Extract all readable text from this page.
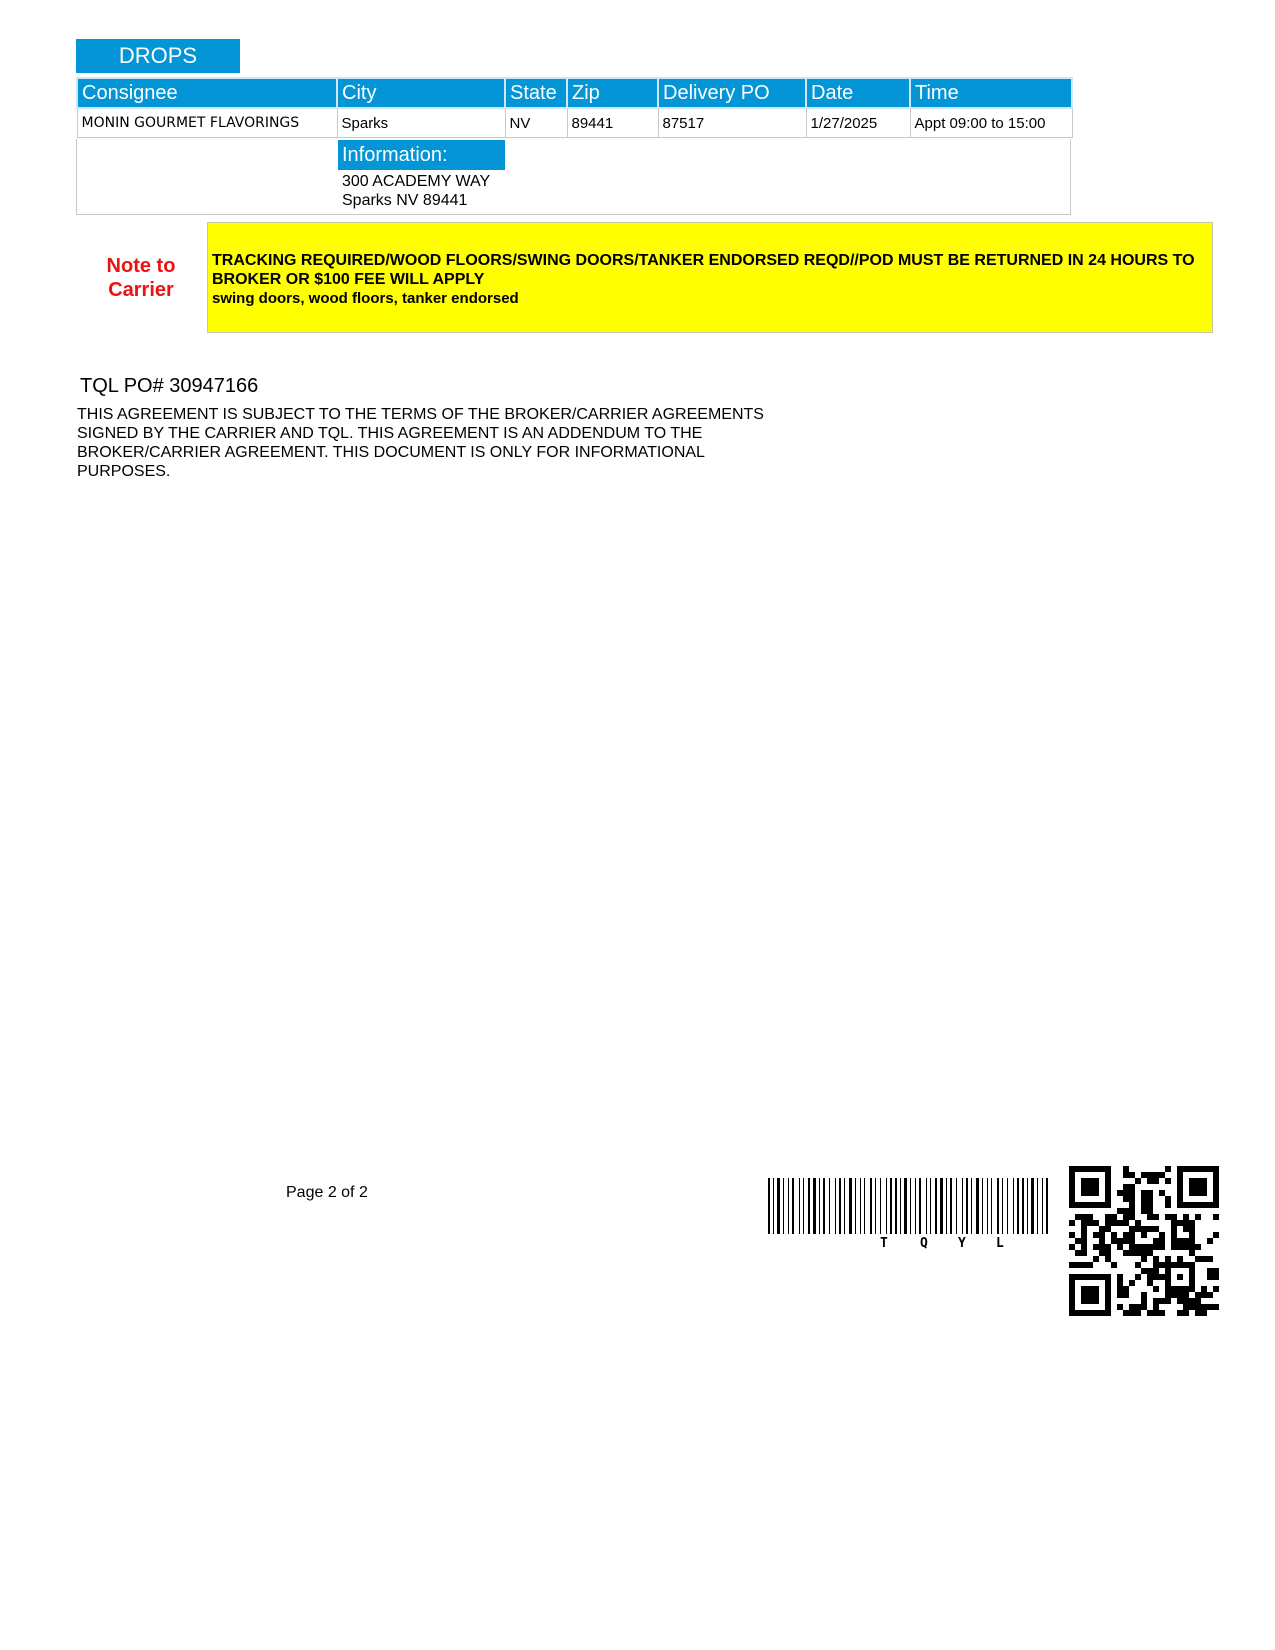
DROPS
Consignee	City	State	Zip	Delivery PO	Date	Time
MONIN GOURMET FLAVORINGS	Sparks	NV	89441	87517	1/27/2025	Appt 09:00 to 15:00
Information:
300 ACADEMY WAY
Sparks NV 89441
Note to
Carrier
TRACKING REQUIRED/WOOD FLOORS/SWING DOORS/TANKER ENDORSED REQD//POD MUST BE RETURNED IN 24 HOURS TO BROKER OR $100 FEE WILL APPLY
swing doors, wood floors, tanker endorsed
TQL PO# 30947166
THIS AGREEMENT IS SUBJECT TO THE TERMS OF THE BROKER/CARRIER AGREEMENTS SIGNED BY THE CARRIER AND TQL. THIS AGREEMENT IS AN ADDENDUM TO THE BROKER/CARRIER AGREEMENT. THIS DOCUMENT IS ONLY FOR INFORMATIONAL PURPOSES.
Page 2 of 2
T Q Y L
